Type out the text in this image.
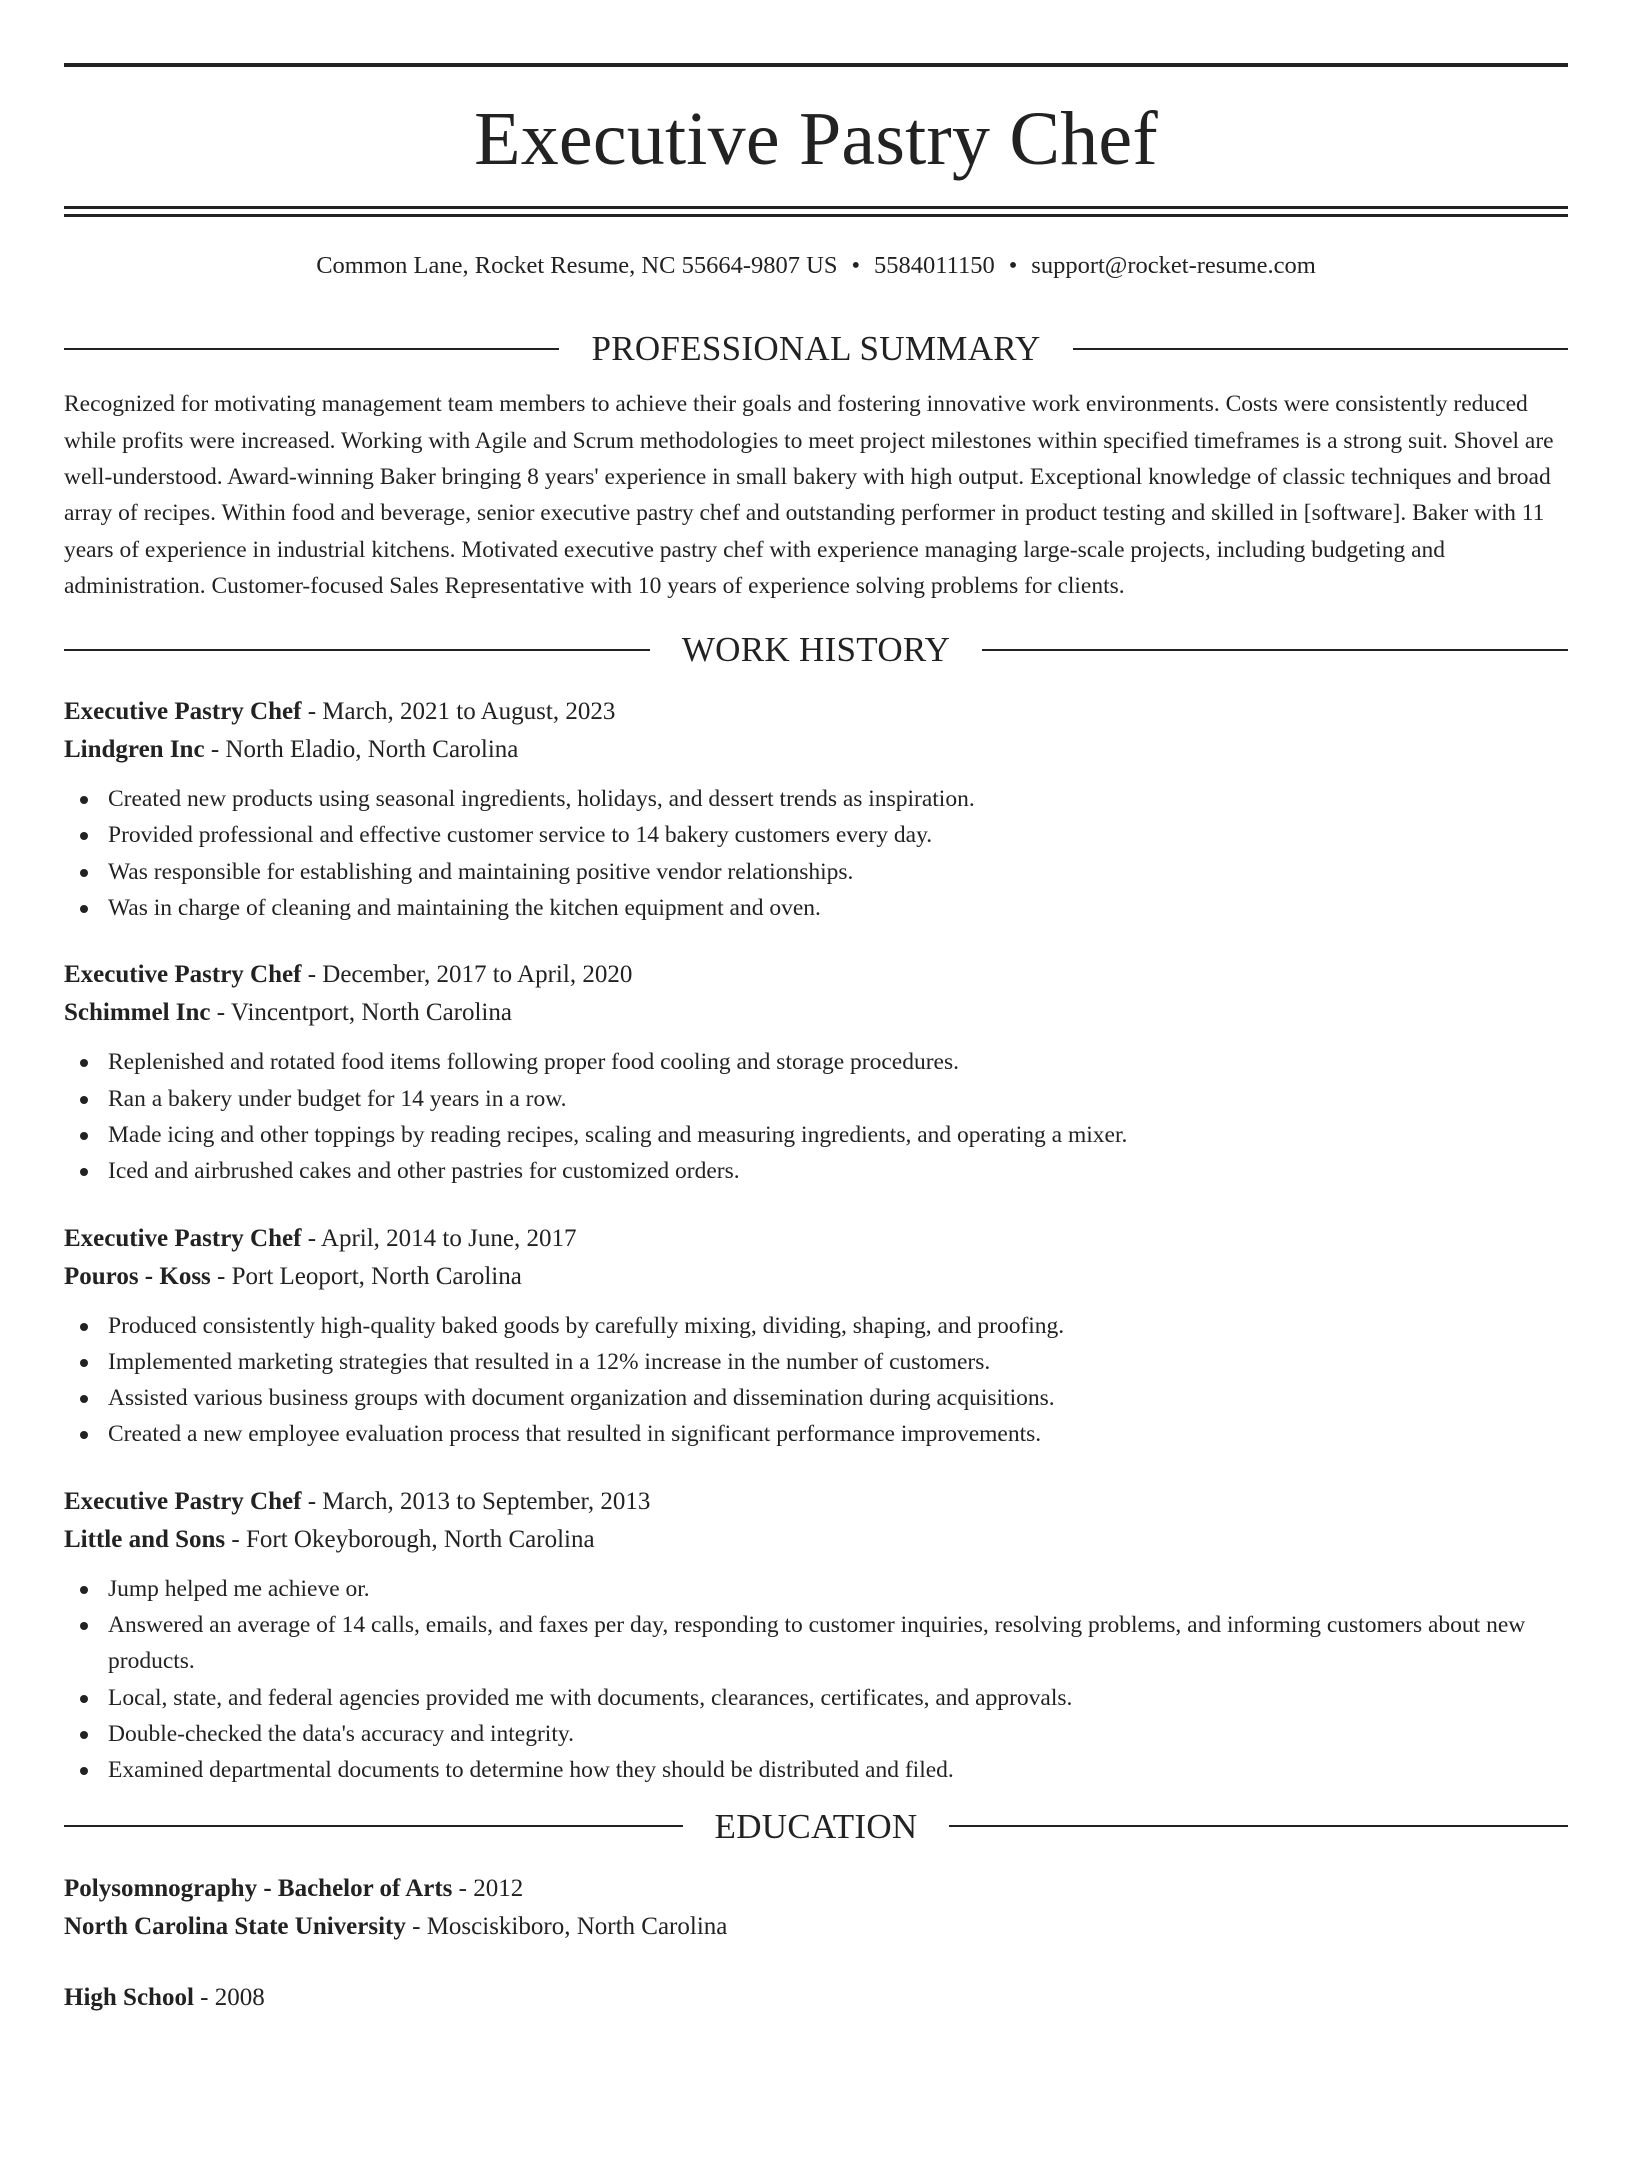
Executive Pastry Chef
Common Lane, Rocket Resume, NC 55664-9807 US • 5584011150 • support@rocket-resume.com
PROFESSIONAL SUMMARY

Recognized for motivating management team members to achieve their goals and fostering innovative work environments. Costs were consistently reduced while profits were increased. Working with Agile and Scrum methodologies to meet project milestones within specified timeframes is a strong suit. Shovel are well-understood. Award-winning Baker bringing 8 years' experience in small bakery with high output. Exceptional knowledge of classic techniques and broad array of recipes. Within food and beverage, senior executive pastry chef and outstanding performer in product testing and skilled in [software]. Baker with 11 years of experience in industrial kitchens. Motivated executive pastry chef with experience managing large-scale projects, including budgeting and administration. Customer-focused Sales Representative with 10 years of experience solving problems for clients.

WORK HISTORY
Executive Pastry Chef - March, 2021 to August, 2023
Lindgren Inc - North Eladio, North Carolina
Created new products using seasonal ingredients, holidays, and dessert trends as inspiration.
Provided professional and effective customer service to 14 bakery customers every day.
Was responsible for establishing and maintaining positive vendor relationships.
Was in charge of cleaning and maintaining the kitchen equipment and oven.
Executive Pastry Chef - December, 2017 to April, 2020
Schimmel Inc - Vincentport, North Carolina
Replenished and rotated food items following proper food cooling and storage procedures.
Ran a bakery under budget for 14 years in a row.
Made icing and other toppings by reading recipes, scaling and measuring ingredients, and operating a mixer.
Iced and airbrushed cakes and other pastries for customized orders.
Executive Pastry Chef - April, 2014 to June, 2017
Pouros - Koss - Port Leoport, North Carolina
Produced consistently high-quality baked goods by carefully mixing, dividing, shaping, and proofing.
Implemented marketing strategies that resulted in a 12% increase in the number of customers.
Assisted various business groups with document organization and dissemination during acquisitions.
Created a new employee evaluation process that resulted in significant performance improvements.
Executive Pastry Chef - March, 2013 to September, 2013
Little and Sons - Fort Okeyborough, North Carolina
Jump helped me achieve or.
Answered an average of 14 calls, emails, and faxes per day, responding to customer inquiries, resolving problems, and informing customers about new products.
Local, state, and federal agencies provided me with documents, clearances, certificates, and approvals.
Double-checked the data's accuracy and integrity.
Examined departmental documents to determine how they should be distributed and filed.
EDUCATION
Polysomnography - Bachelor of Arts - 2012
North Carolina State University - Mosciskiboro, North Carolina
High School - 2008
